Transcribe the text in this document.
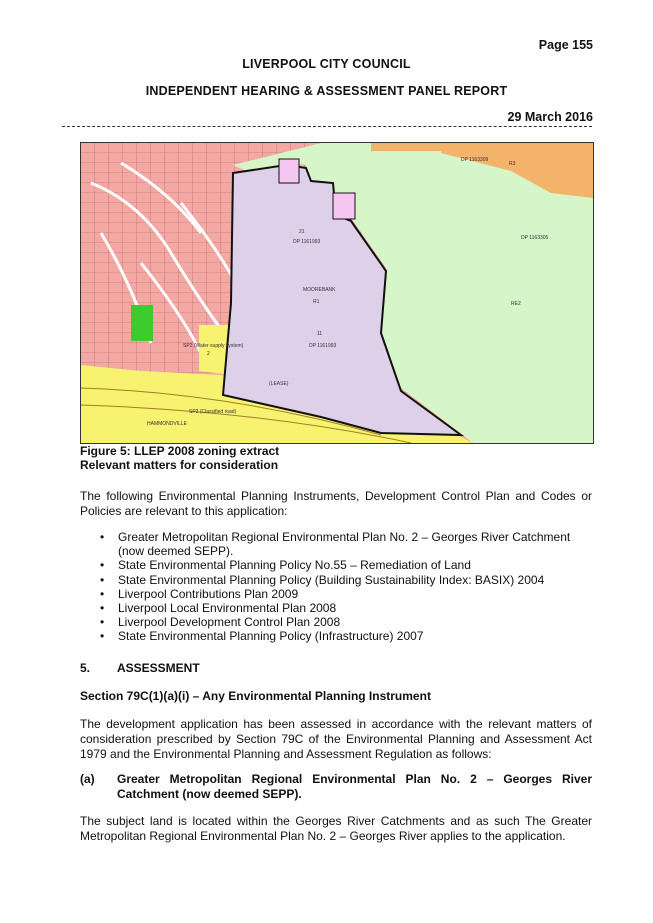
Page 155
LIVERPOOL CITY COUNCIL
INDEPENDENT HEARING & ASSESSMENT PANEL REPORT
29 March 2016
DP 1161993
21
MOOREBANK
R1
11
DP 1161993
RE2
DP 1163305
DP 1163309
R3
2
SP2 (Water supply system)
SP2 (Classified road)
HAMMONDVILLE
(LEASE)
Figure 5: LLEP 2008 zoning extract
Relevant matters for consideration
The following Environmental Planning Instruments, Development Control Plan and Codes or Policies are relevant to this application:
• Greater Metropolitan Regional Environmental Plan No. 2 – Georges River Catchment (now deemed SEPP).
• State Environmental Planning Policy No.55 – Remediation of Land
• State Environmental Planning Policy (Building Sustainability Index: BASIX) 2004
• Liverpool Contributions Plan 2009
• Liverpool Local Environmental Plan 2008
• Liverpool Development Control Plan 2008
• State Environmental Planning Policy (Infrastructure) 2007
5. ASSESSMENT
Section 79C(1)(a)(i) – Any Environmental Planning Instrument
The development application has been assessed in accordance with the relevant matters of consideration prescribed by Section 79C of the Environmental Planning and Assessment Act 1979 and the Environmental Planning and Assessment Regulation as follows:
(a) Greater Metropolitan Regional Environmental Plan No. 2 – Georges River Catchment (now deemed SEPP).
The subject land is located within the Georges River Catchments and as such The Greater Metropolitan Regional Environmental Plan No. 2 – Georges River applies to the application.
